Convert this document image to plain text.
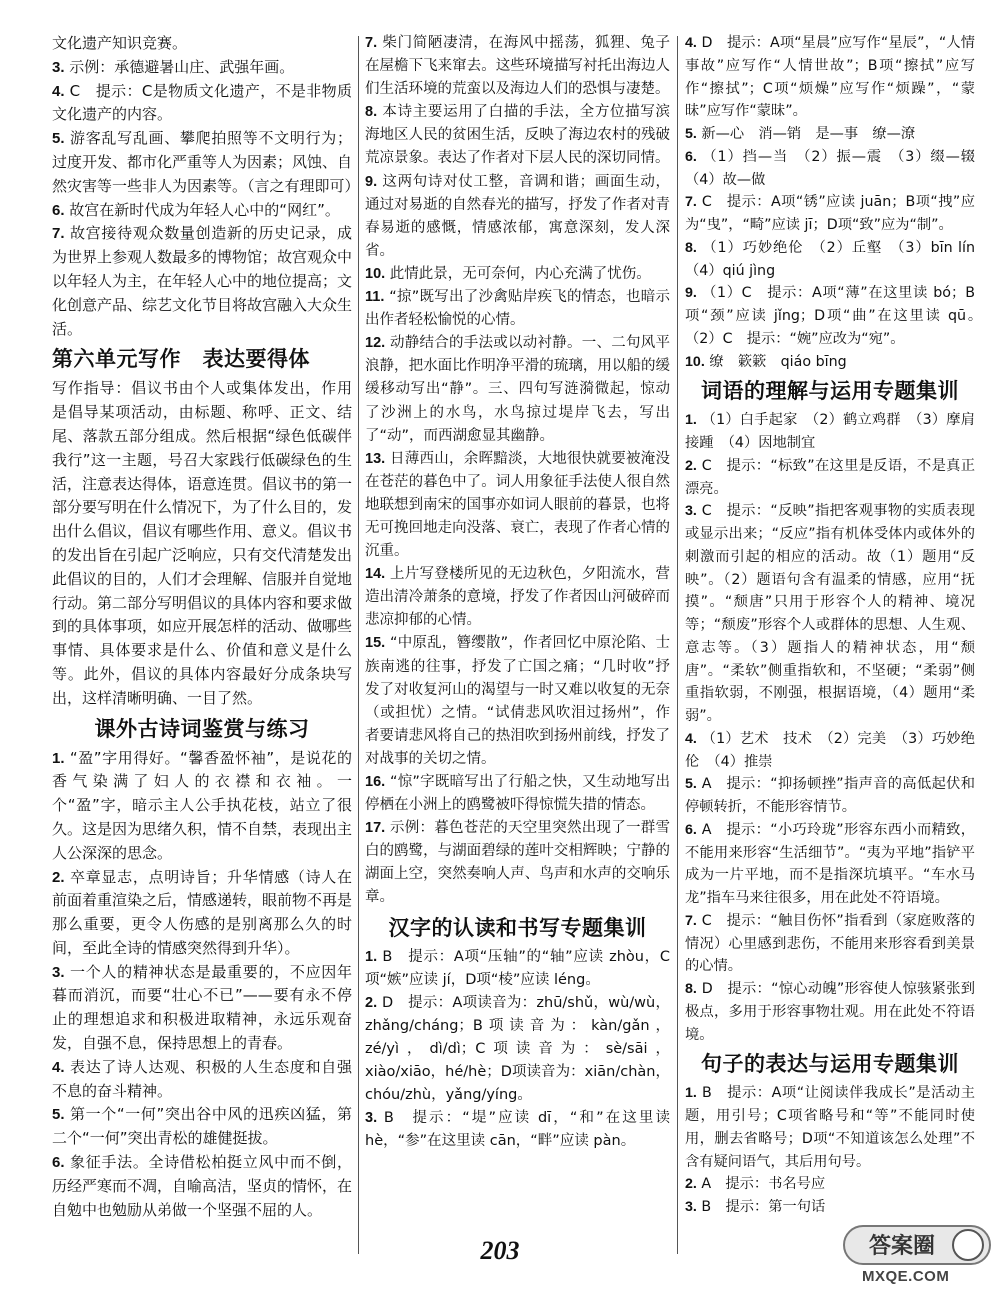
文化遗产知识竞赛。

3. 示例：承德避暑山庄、武强年画。

4. C　提示：C是物质文化遗产，不是非物质文化遗产的内容。

5. 游客乱写乱画、攀爬拍照等不文明行为；过度开发、都市化严重等人为因素；风蚀、自然灾害等一些非人为因素等。（言之有理即可）

6. 故宫在新时代成为年轻人心中的“网红”。

7. 故宫接待观众数量创造新的历史记录，成为世界上参观人数最多的博物馆；故宫观众中以年轻人为主，在年轻人心中的地位提高；文化创意产品、综艺文化节目将故宫融入大众生活。

第六单元写作　表达要得体

写作指导：倡议书由个人或集体发出，作用是倡导某项活动，由标题、称呼、正文、结尾、落款五部分组成。然后根据“绿色低碳伴我行”这一主题，号召大家践行低碳绿色的生活，注意表达得体，语意连贯。倡议书的第一部分要写明在什么情况下，为了什么目的，发出什么倡议，倡议有哪些作用、意义。倡议书的发出旨在引起广泛响应，只有交代清楚发出此倡议的目的，人们才会理解、信服并自觉地行动。第二部分写明倡议的具体内容和要求做到的具体事项，如应开展怎样的活动、做哪些事情、具体要求是什么、价值和意义是什么等。此外，倡议的具体内容最好分成条块写出，这样清晰明确、一目了然。

课外古诗词鉴赏与练习

1. “盈”字用得好。“馨香盈怀袖”，是说花的香气染满了妇人的衣襟和衣袖。一个“盈”字，暗示主人公手执花枝，站立了很久。这是因为思绪久积，情不自禁，表现出主人公深深的思念。

2. 卒章显志，点明诗旨；升华情感（诗人在前面着重渲染之后，情感递转，眼前物不再是那么重要，更令人伤感的是别离那么久的时间，至此全诗的情感突然得到升华）。

3. 一个人的精神状态是最重要的，不应因年暮而消沉，而要“壮心不已”——要有永不停止的理想追求和积极进取精神，永远乐观奋发，自强不息，保持思想上的青春。

4. 表达了诗人达观、积极的人生态度和自强不息的奋斗精神。

5. 第一个“一何”突出谷中风的迅疾凶猛，第二个“一何”突出青松的雄健挺拔。

6. 象征手法。全诗借松柏挺立风中而不倒，历经严寒而不凋，自喻高洁，坚贞的情怀，在自勉中也勉励从弟做一个坚强不屈的人。

7. 柴门简陋凄清，在海风中摇荡，狐狸、兔子在屋檐下飞来窜去。这些环境描写衬托出海边人们生活环境的荒蛮以及海边人们的恐惧与凄楚。

8. 本诗主要运用了白描的手法，全方位描写滨海地区人民的贫困生活，反映了海边农村的残破荒凉景象。表达了作者对下层人民的深切同情。

9. 这两句诗对仗工整，音调和谐；画面生动，通过对易逝的自然春光的描写，抒发了作者对青春易逝的感慨，情感浓郁，寓意深刻，发人深省。

10. 此情此景，无可奈何，内心充满了忧伤。

11. “掠”既写出了沙禽贴岸疾飞的情态，也暗示出作者轻松愉悦的心情。

12. 动静结合的手法或以动衬静。一、二句风平浪静，把水面比作明净平滑的琉璃，用以船的缓缓移动写出“静”。三、四句写涟漪微起，惊动了沙洲上的水鸟，水鸟掠过堤岸飞去，写出了“动”，而西湖愈显其幽静。

13. 日薄西山，余晖黯淡，大地很快就要被淹没在苍茫的暮色中了。词人用象征手法使人很自然地联想到南宋的国事亦如词人眼前的暮景，也将无可挽回地走向没落、衰亡，表现了作者心情的沉重。

14. 上片写登楼所见的无边秋色，夕阳流水，营造出清冷萧条的意境，抒发了作者因山河破碎而悲凉抑郁的心情。

15. “中原乱，簪缨散”，作者回忆中原沦陷、士族南逃的往事，抒发了亡国之痛；“几时收”抒发了对收复河山的渴望与一时又难以收复的无奈（或担忧）之情。“试倩悲风吹泪过扬州”，作者要请悲风将自己的热泪吹到扬州前线，抒发了对战事的关切之情。

16. “惊”字既暗写出了行船之快，又生动地写出停栖在小洲上的鸥鹭被吓得惊慌失措的情态。

17. 示例：暮色苍茫的天空里突然出现了一群雪白的鸥鹭，与湖面碧绿的莲叶交相辉映；宁静的湖面上空，突然奏响人声、鸟声和水声的交响乐章。

汉字的认读和书写专题集训

1. B　提示：A项“压轴”的“轴”应读 zhòu，C项“嫉”应读 jí，D项“棱”应读 léng。

2. D　提示：A项读音为：zhū/shǔ，wù/wù，zhǎng/cháng；B项读音为：kàn/gǎn，zé/yì，dì/dì；C项读音为：sè/sāi，xiào/xiāo，hé/hè；D项读音为：xiān/chàn，chóu/zhù，yǎng/yíng。

3. B　提示：“堤”应读 dī，“和”在这里读 hè，“参”在这里读 cān，“畔”应读 pàn。

4. D　提示：A项“星晨”应写作“星辰”，“人情事故”应写作“人情世故”；B项“擦拭”应写作“擦拭”；C项“烦燥”应写作“烦躁”，“蒙昧”应写作“蒙昧”。

5. 新—心　消—销　是—事　缭—潦

6. （1）挡—当　（2）振—震　（3）缀—辍　（4）故—做

7. C　提示：A项“锈”应读 juān；B项“拽”应为“曳”，“畸”应读 jī；D项“致”应为“制”。

8. （1）巧妙绝伦　（2）丘壑　（3）bīn lín　（4）qiú jìng

9. （1）C　提示：A项“薄”在这里读 bó；B项“颈”应读 jǐng；D项“曲”在这里读 qū。　（2）C　提示：“婉”应改为“宛”。

10. 缭　簌簌　qiáo bīng

词语的理解与运用专题集训

1. （1）白手起家　（2）鹤立鸡群　（3）摩肩接踵　（4）因地制宜

2. C　提示：“标致”在这里是反语，不是真正漂亮。

3. C　提示：“反映”指把客观事物的实质表现或显示出来；“反应”指有机体受体内或体外的刺激而引起的相应的活动。故（1）题用“反映”。（2）题语句含有温柔的情感，应用“抚摸”。“颓唐”只用于形容个人的精神、境况等；“颓废”形容个人或群体的思想、人生观、意志等。（3）题指人的精神状态，用“颓唐”。“柔软”侧重指软和，不坚硬；“柔弱”侧重指软弱，不刚强，根据语境，（4）题用“柔弱”。

4. （1）艺术　技术　（2）完美　（3）巧妙绝伦　（4）推崇

5. A　提示：“抑扬顿挫”指声音的高低起伏和停顿转折，不能形容情节。

6. A　提示：“小巧玲珑”形容东西小而精致，不能用来形容“生活细节”。“夷为平地”指铲平成为一片平地，而不是指深坑填平。“车水马龙”指车马来往很多，用在此处不符语境。

7. C　提示：“触目伤怀”指看到（家庭败落的情况）心里感到悲伤，不能用来形容看到美景的心情。

8. D　提示：“惊心动魄”形容使人惊骇紧张到极点，多用于形容事物壮观。用在此处不符语境。

句子的表达与运用专题集训

1. B　提示：A项“让阅读伴我成长”是活动主题，用引号；C项省略号和“等”不能同时使用，删去省略号；D项“不知道该怎么处理”不含有疑问语气，其后用句号。

2. A　提示：书名号应

3. B　提示：第一句话

203	答案圈
MXQE.COM
